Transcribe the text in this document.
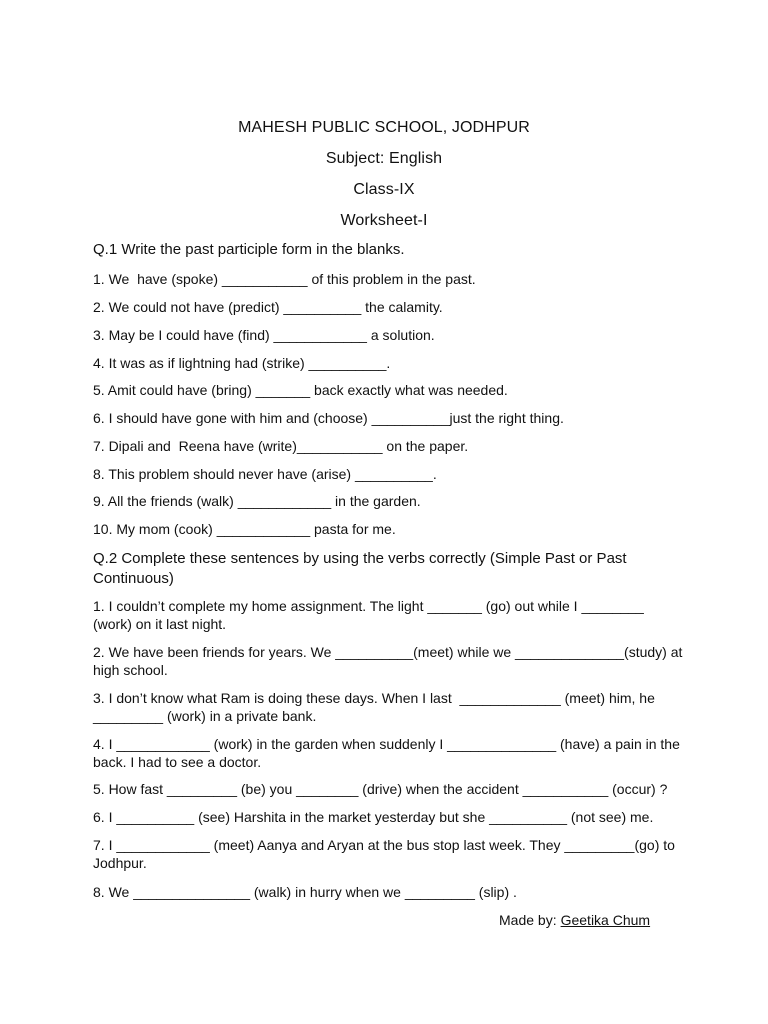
MAHESH PUBLIC SCHOOL, JODHPUR
Subject: English
Class-IX
Worksheet-I
Q.1 Write the past participle form in the blanks.
1. We  have (spoke) ___________ of this problem in the past.
2. We could not have (predict) __________ the calamity.
3. May be I could have (find) ____________ a solution.
4. It was as if lightning had (strike) __________.
5. Amit could have (bring) _______ back exactly what was needed.
6. I should have gone with him and (choose) __________just the right thing.
7. Dipali and  Reena have (write)___________ on the paper.
8. This problem should never have (arise) __________.
9. All the friends (walk) ____________ in the garden.
10. My mom (cook) ____________ pasta for me.
Q.2 Complete these sentences by using the verbs correctly (Simple Past or Past Continuous)
1. I couldn’t complete my home assignment. The light _______ (go) out while I ________ (work) on it last night.
2. We have been friends for years. We __________(meet) while we ______________(study) at high school.
3. I don’t know what Ram is doing these days. When I last  _____________ (meet) him, he _________ (work) in a private bank.
4. I ____________ (work) in the garden when suddenly I ______________ (have) a pain in the back. I had to see a doctor.
5. How fast _________ (be) you ________ (drive) when the accident ___________ (occur) ?
6. I __________ (see) Harshita in the market yesterday but she __________ (not see) me.
7. I ____________ (meet) Aanya and Aryan at the bus stop last week. They _________(go) to Jodhpur.
8. We _______________ (walk) in hurry when we _________ (slip) .
Made by: Geetika Chum
